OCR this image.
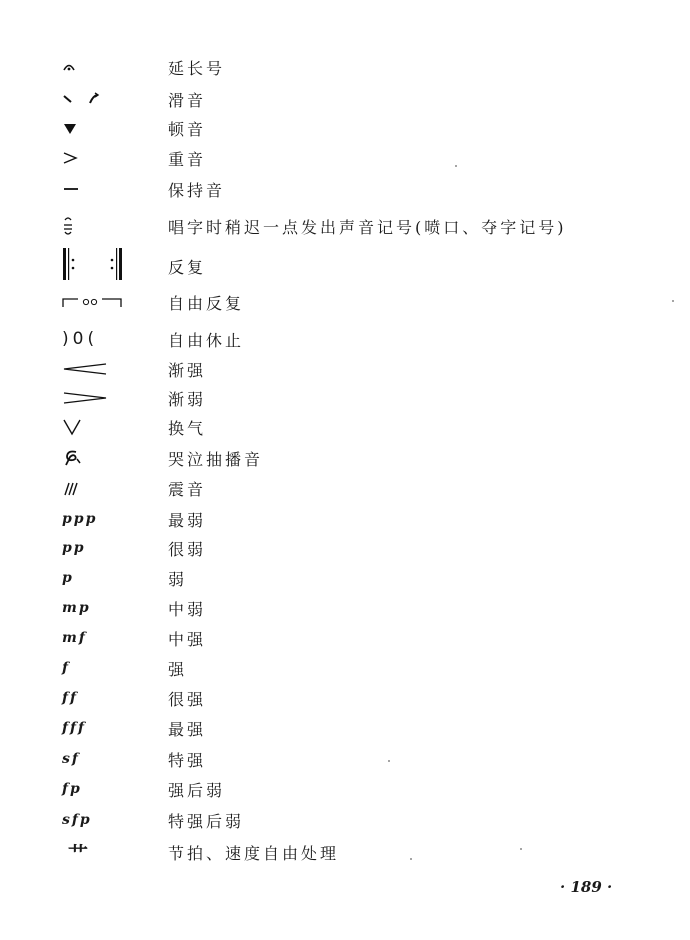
延长号
滑音
顿音
重音
保持音
唱字时稍迟一点发出声音记号(喷口、夺字记号)
反复
自由反复
)0(	自由休止
渐强
渐弱
换气
哭泣抽播音
震音
ppp	最弱
pp	很弱
p	弱
mp	中弱
mf	中强
f	强
ff	很强
fff	最强
sf	特强
fp	强后弱
sfp	特强后弱
艹	节拍、速度自由处理
· 189 ·
